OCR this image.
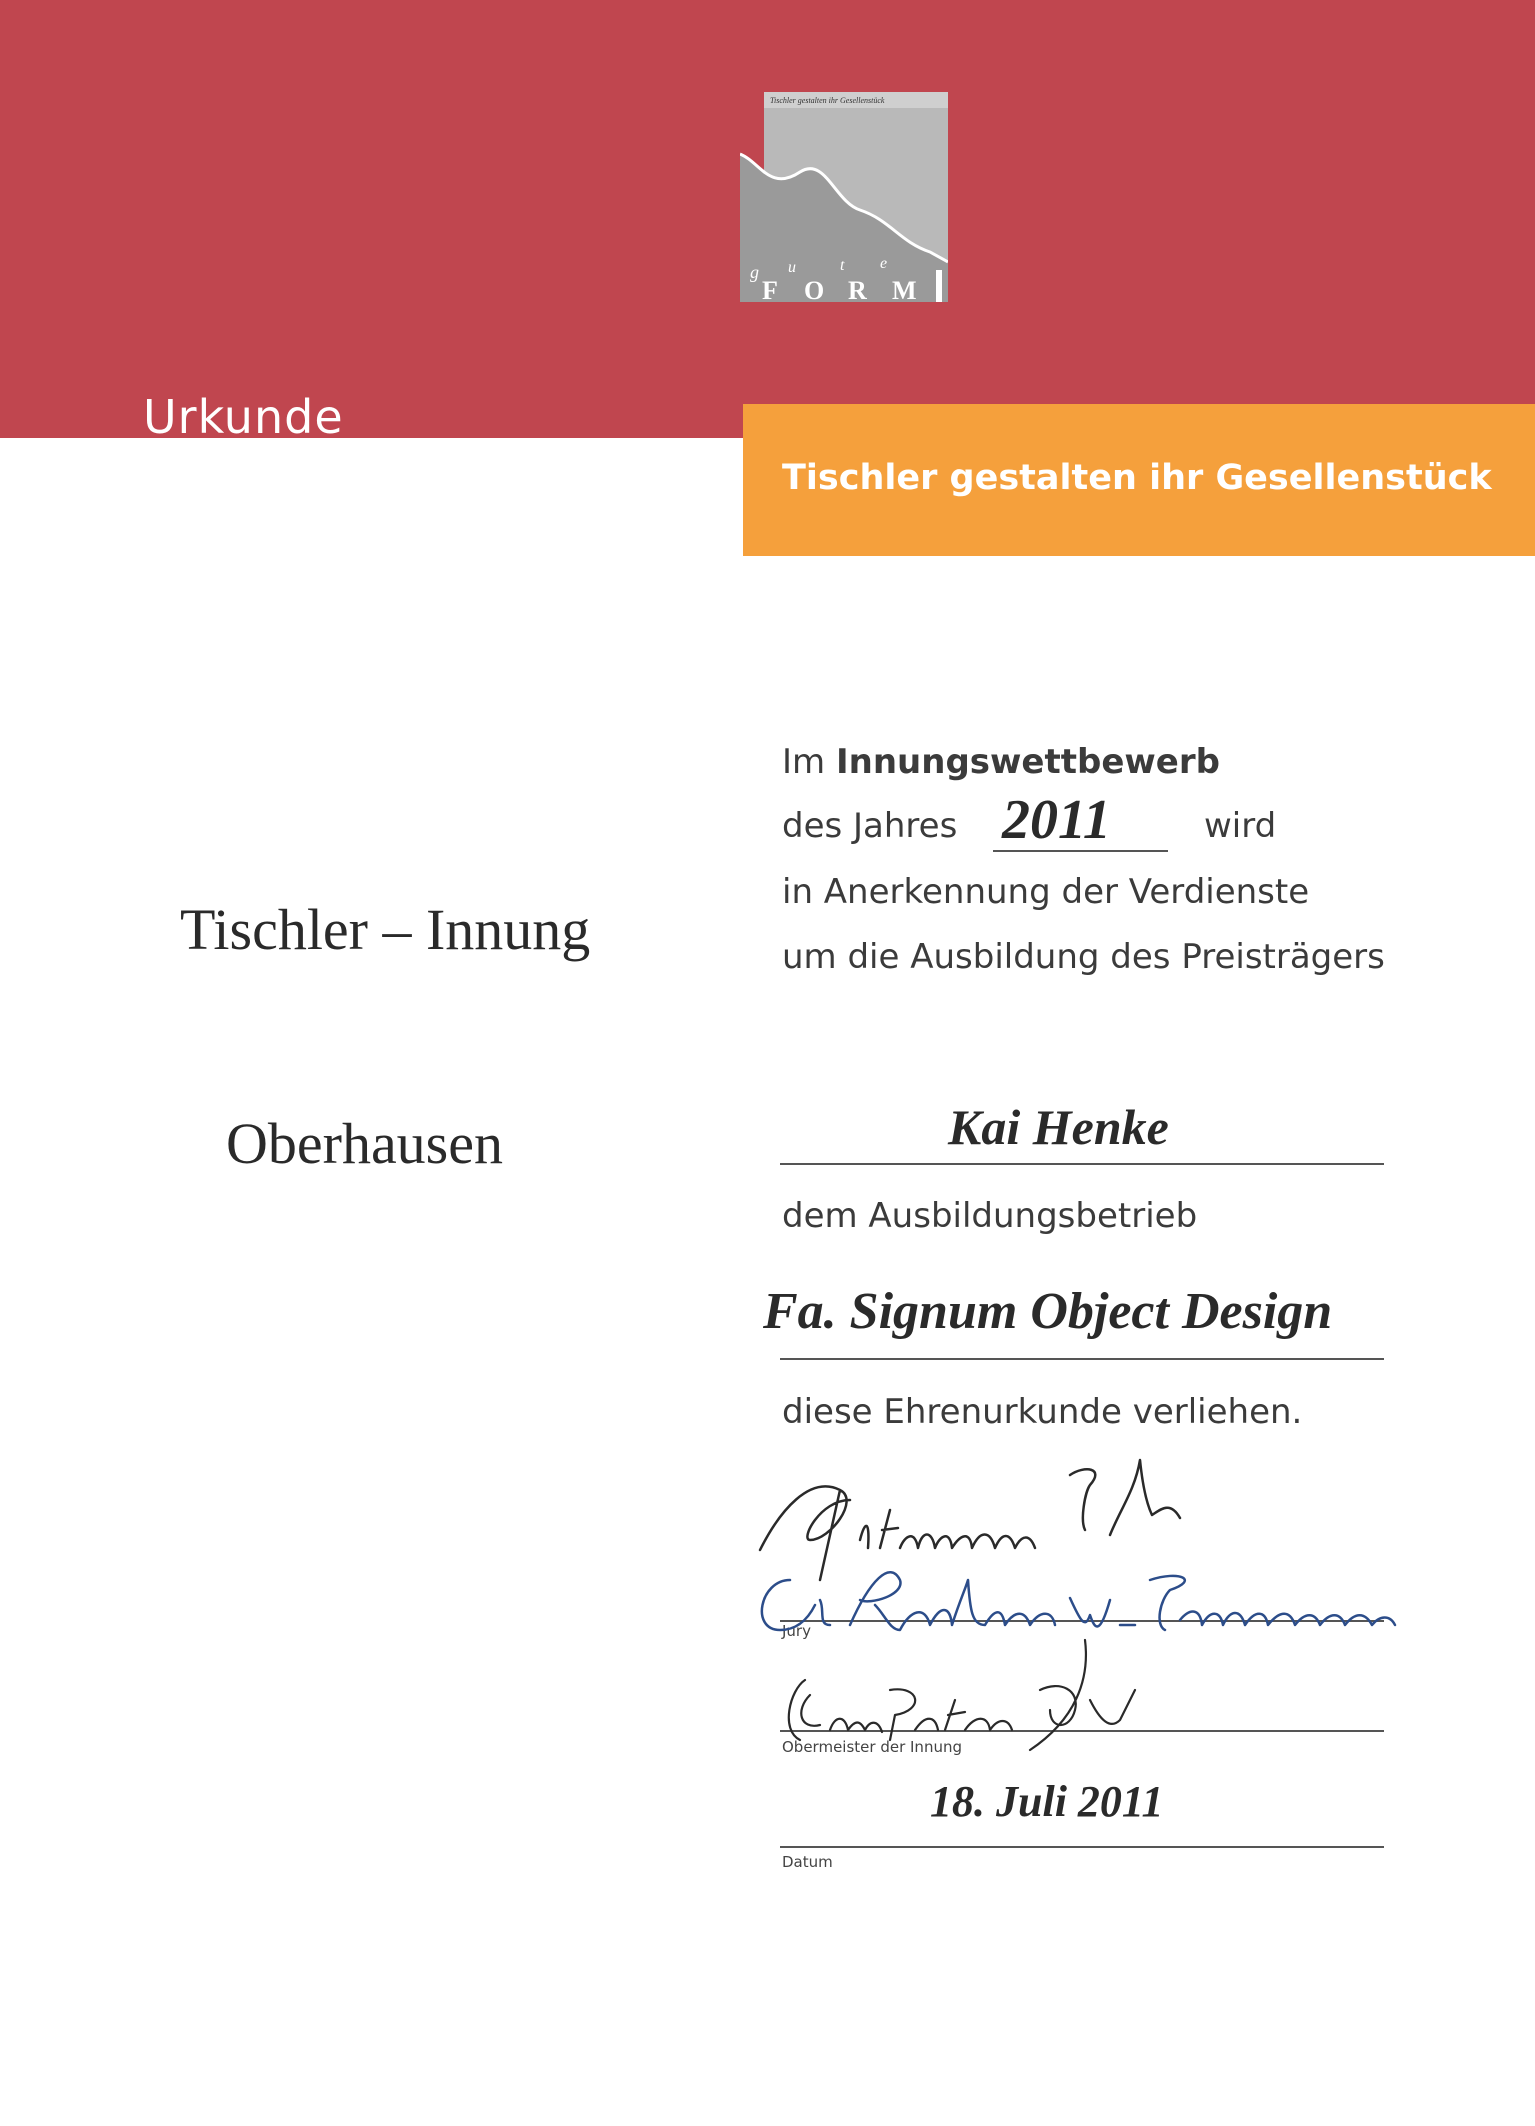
Urkunde
Tischler gestalten ihr Gesellenstück
g u	t e
F O R M
Tischler gestalten ihr Gesellenstück
Tischler – Innung
Oberhausen
Im Innungswettbewerb
des Jahres 2011	wird
in Anerkennung der Verdienste
um die Ausbildung des Preisträgers
Kai Henke
dem Ausbildungsbetrieb
Fa. Signum Object Design
diese Ehrenurkunde verliehen.
Jury
Obermeister der Innung
18. Juli 2011
Datum
